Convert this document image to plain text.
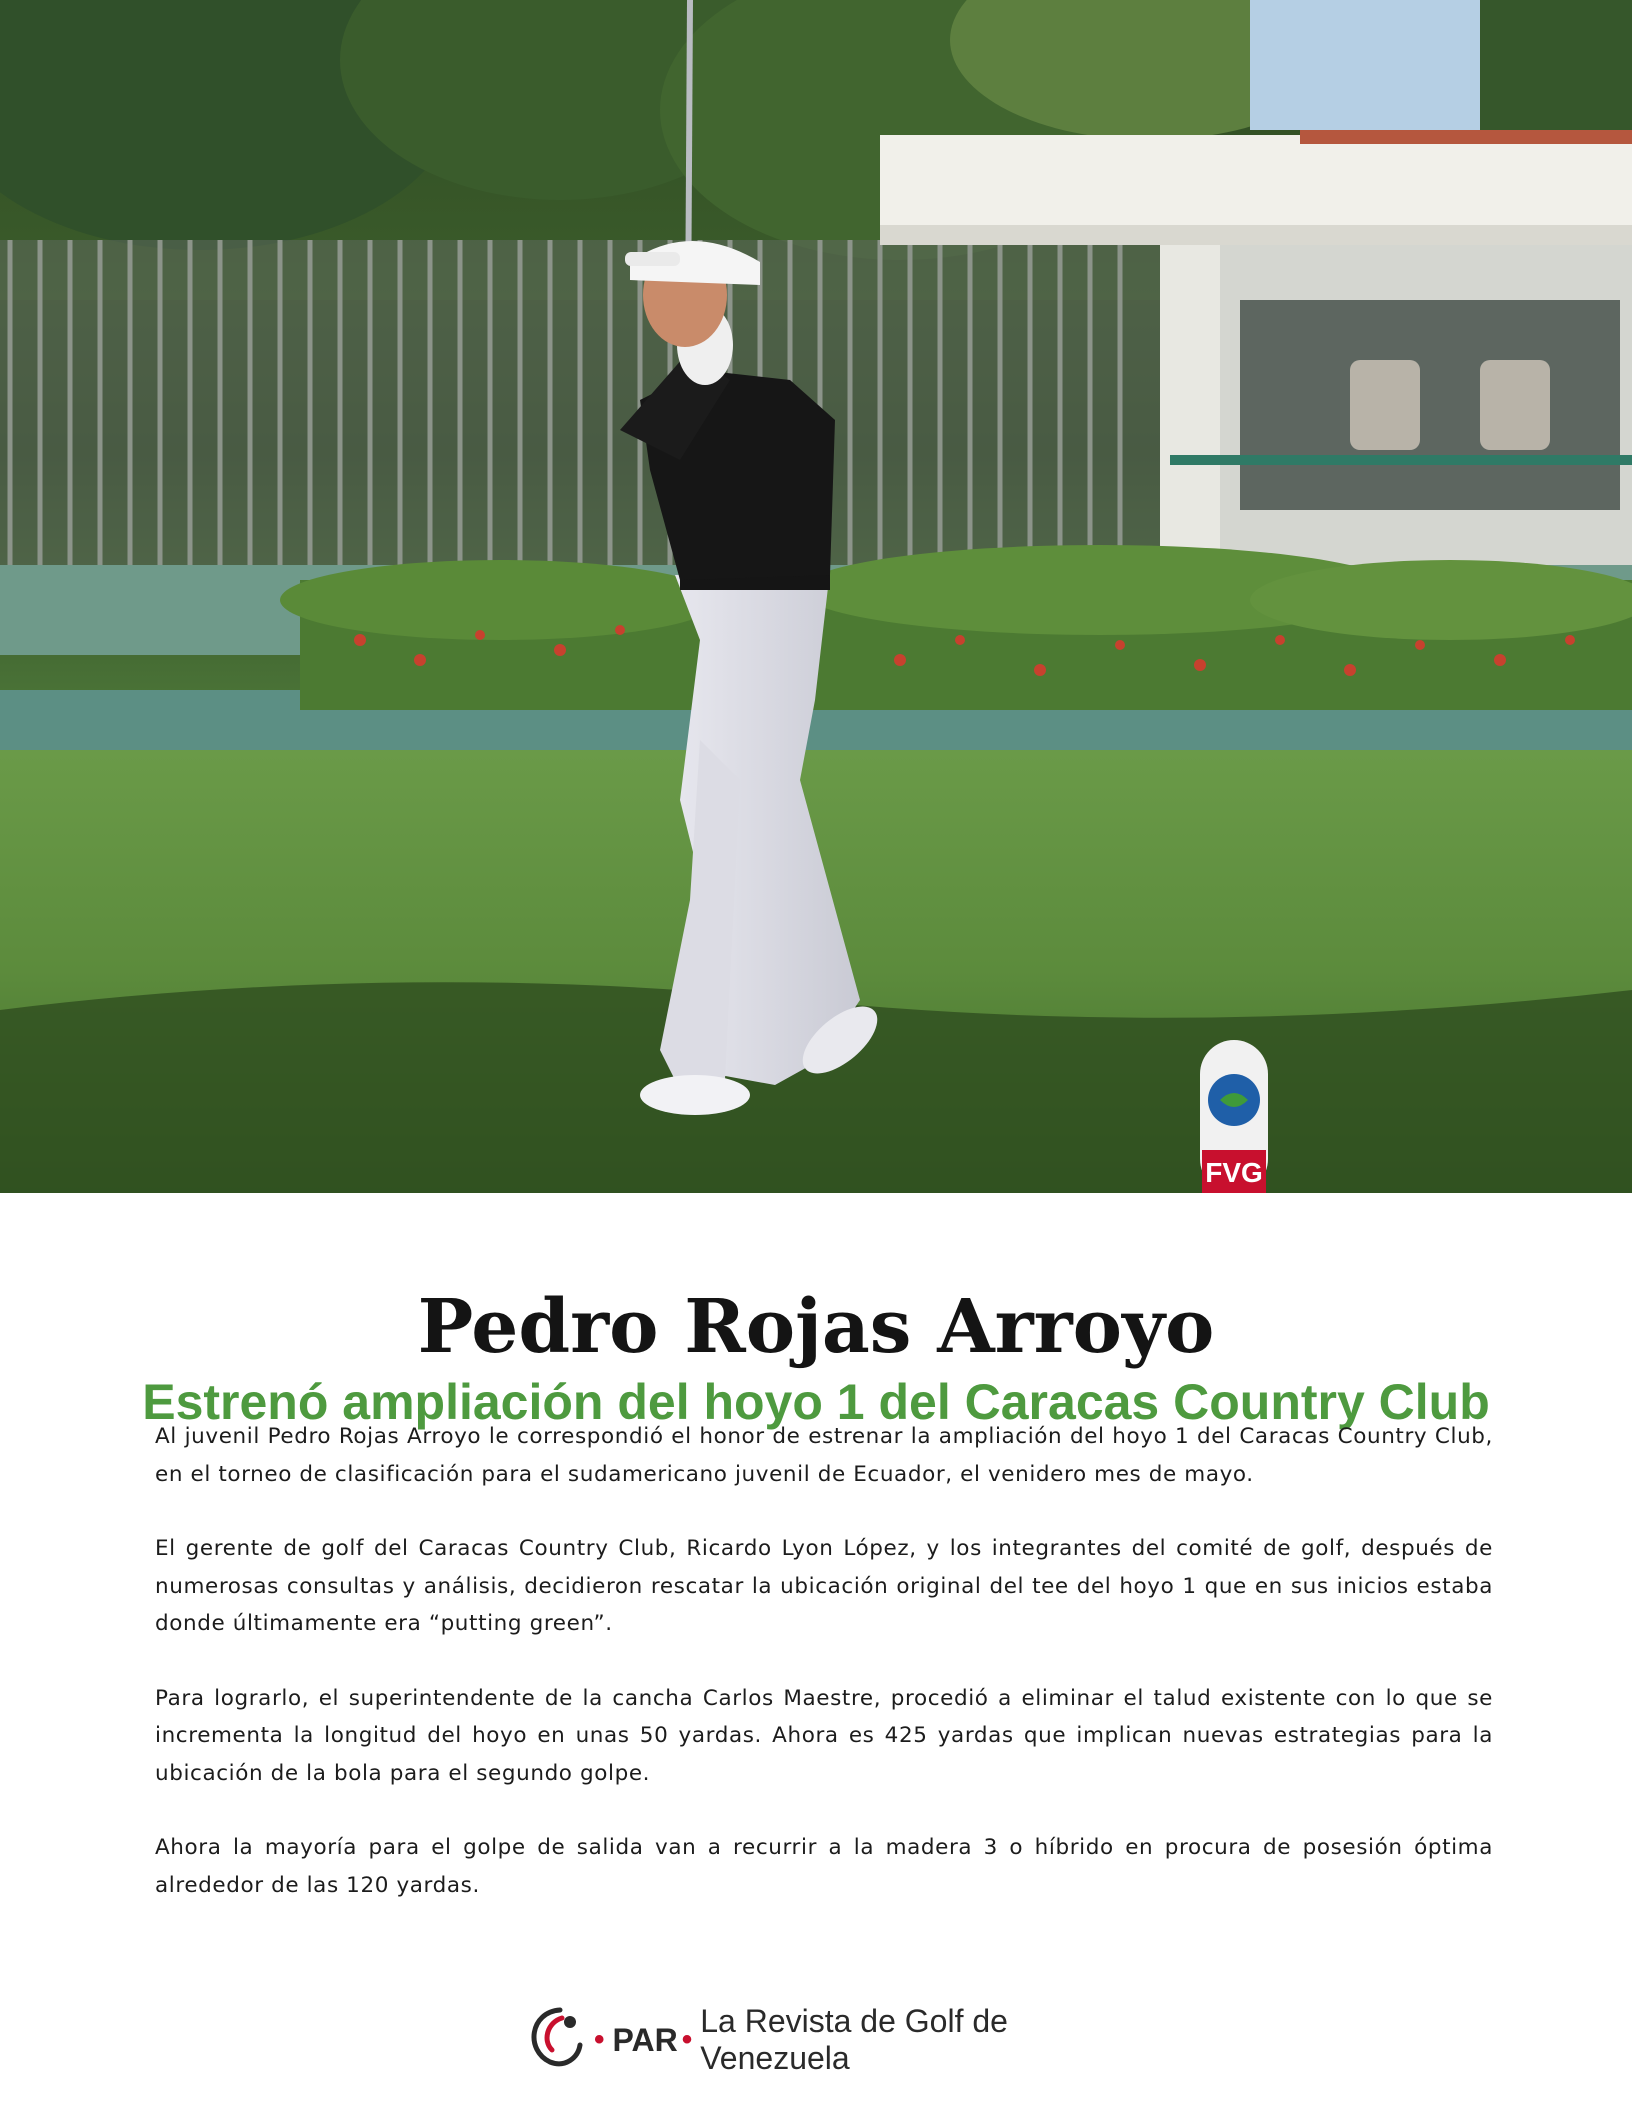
FVG
Pedro Rojas Arroyo
Estrenó ampliación del hoyo 1 del Caracas Country Club

Al juvenil Pedro Rojas Arroyo le correspondió el honor de estrenar la ampliación del hoyo 1 del Caracas Country Club, en el torneo de clasificación para el sudamericano juvenil de Ecuador, el venidero mes de mayo.

El gerente de golf del Caracas Country Club, Ricardo Lyon López, y los integrantes del comité de golf, después de numerosas consultas y análisis, decidieron rescatar la ubicación original del tee del hoyo 1 que en sus inicios estaba donde últimamente era “putting green”.

Para lograrlo, el superintendente de la cancha Carlos Maestre, procedió a eliminar el talud existente con lo que se incrementa la longitud del hoyo en unas 50 yardas. Ahora es 425 yardas que implican nuevas estrategias para la ubicación de la bola para el segundo golpe.

Ahora la mayoría para el golpe de salida van a recurrir a la madera 3 o híbrido en procura de posesión óptima alrededor de las 120 yardas.

• PAR •
La Revista de Golf de Venezuela
